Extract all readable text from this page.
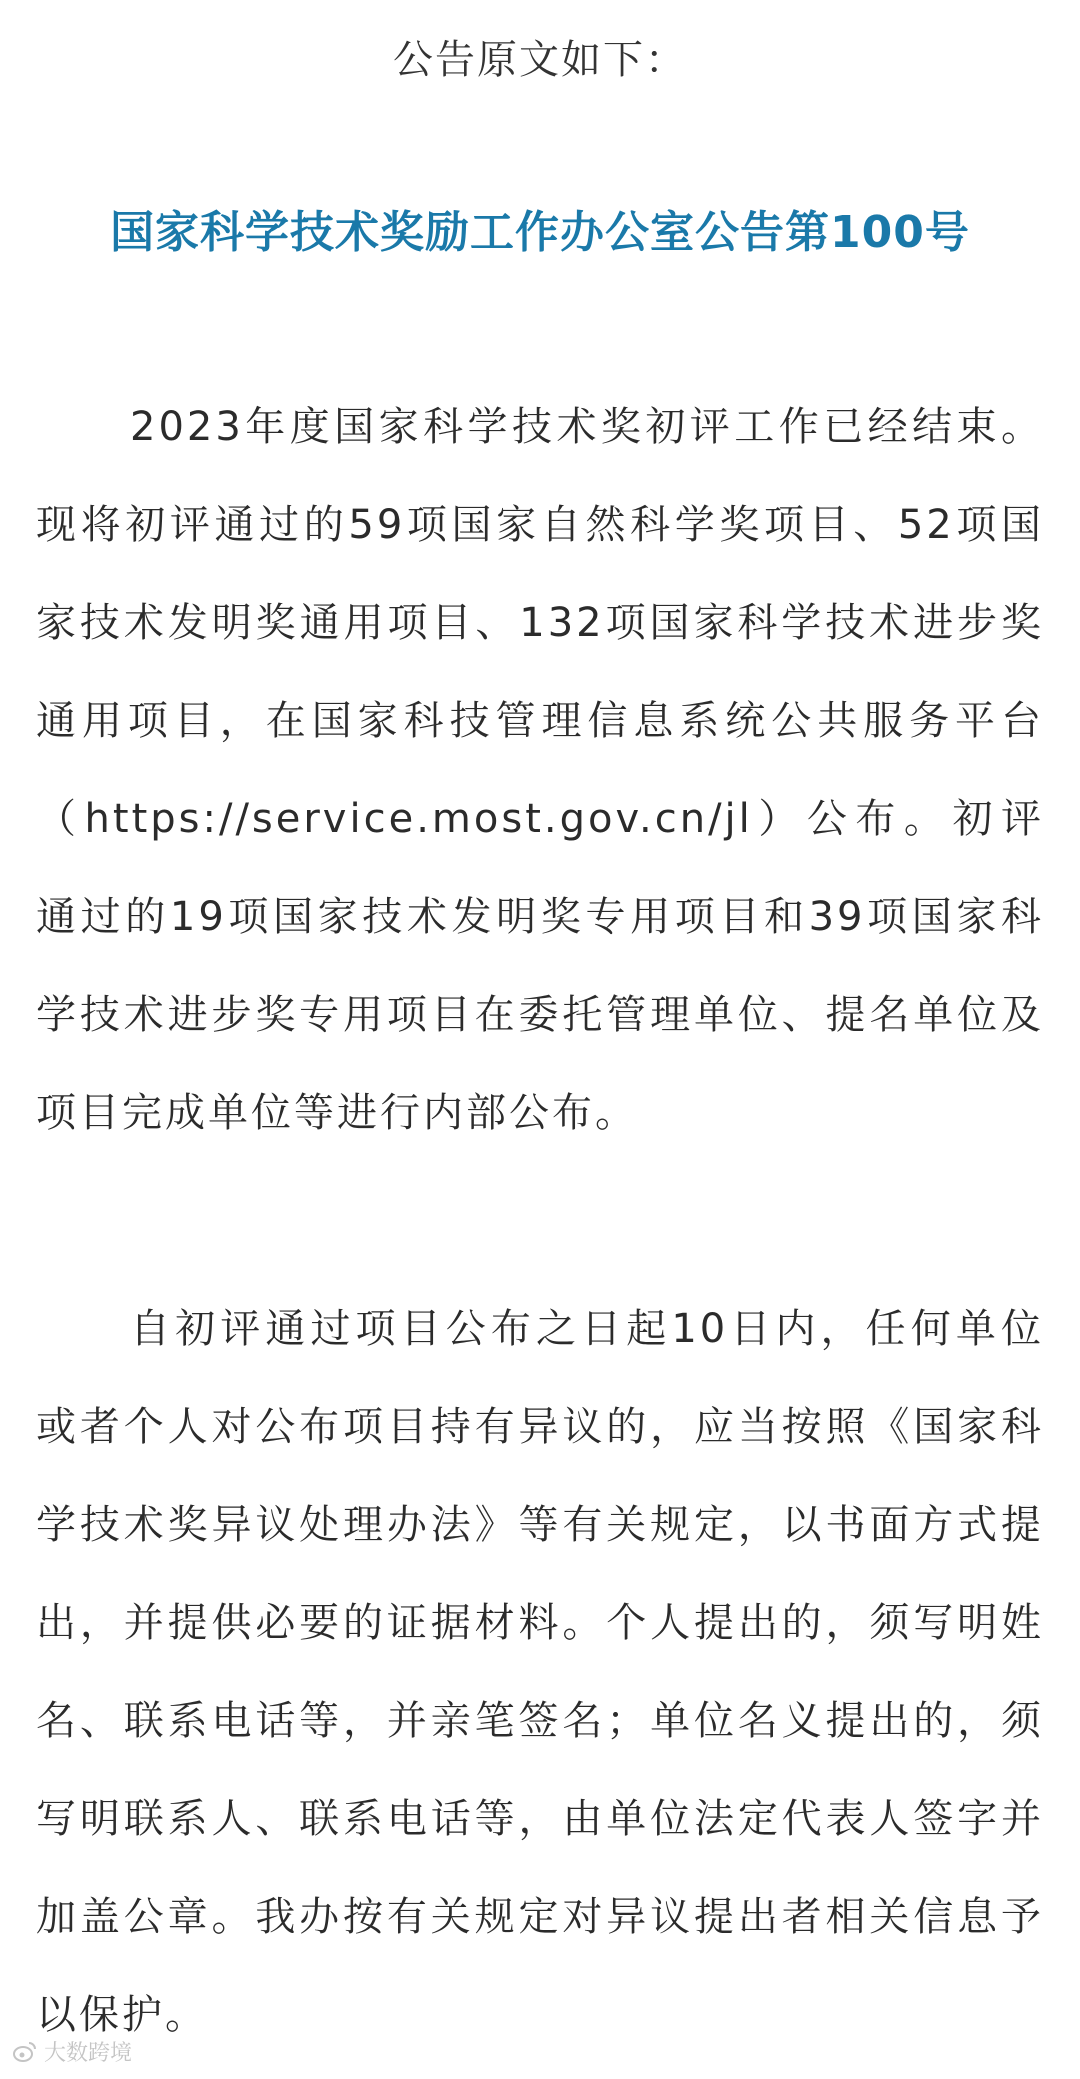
公告原文如下：
国家科学技术奖励工作办公室公告第100号

2023年度国家科学技术奖初评工作已经结束。现将初评通过的59项国家自然科学奖项目、52项国家技术发明奖通用项目、132项国家科学技术进步奖通用项目，在国家科技管理信息系统公共服务平台（https://service.most.gov.cn/jl）公布。初评通过的19项国家技术发明奖专用项目和39项国家科学技术进步奖专用项目在委托管理单位、提名单位及项目完成单位等进行内部公布。

自初评通过项目公布之日起10日内，任何单位或者个人对公布项目持有异议的，应当按照《国家科学技术奖异议处理办法》等有关规定，以书面方式提出，并提供必要的证据材料。个人提出的，须写明姓名、联系电话等，并亲笔签名；单位名义提出的，须写明联系人、联系电话等，由单位法定代表人签字并加盖公章。我办按有关规定对异议提出者相关信息予以保护。

大数跨境
